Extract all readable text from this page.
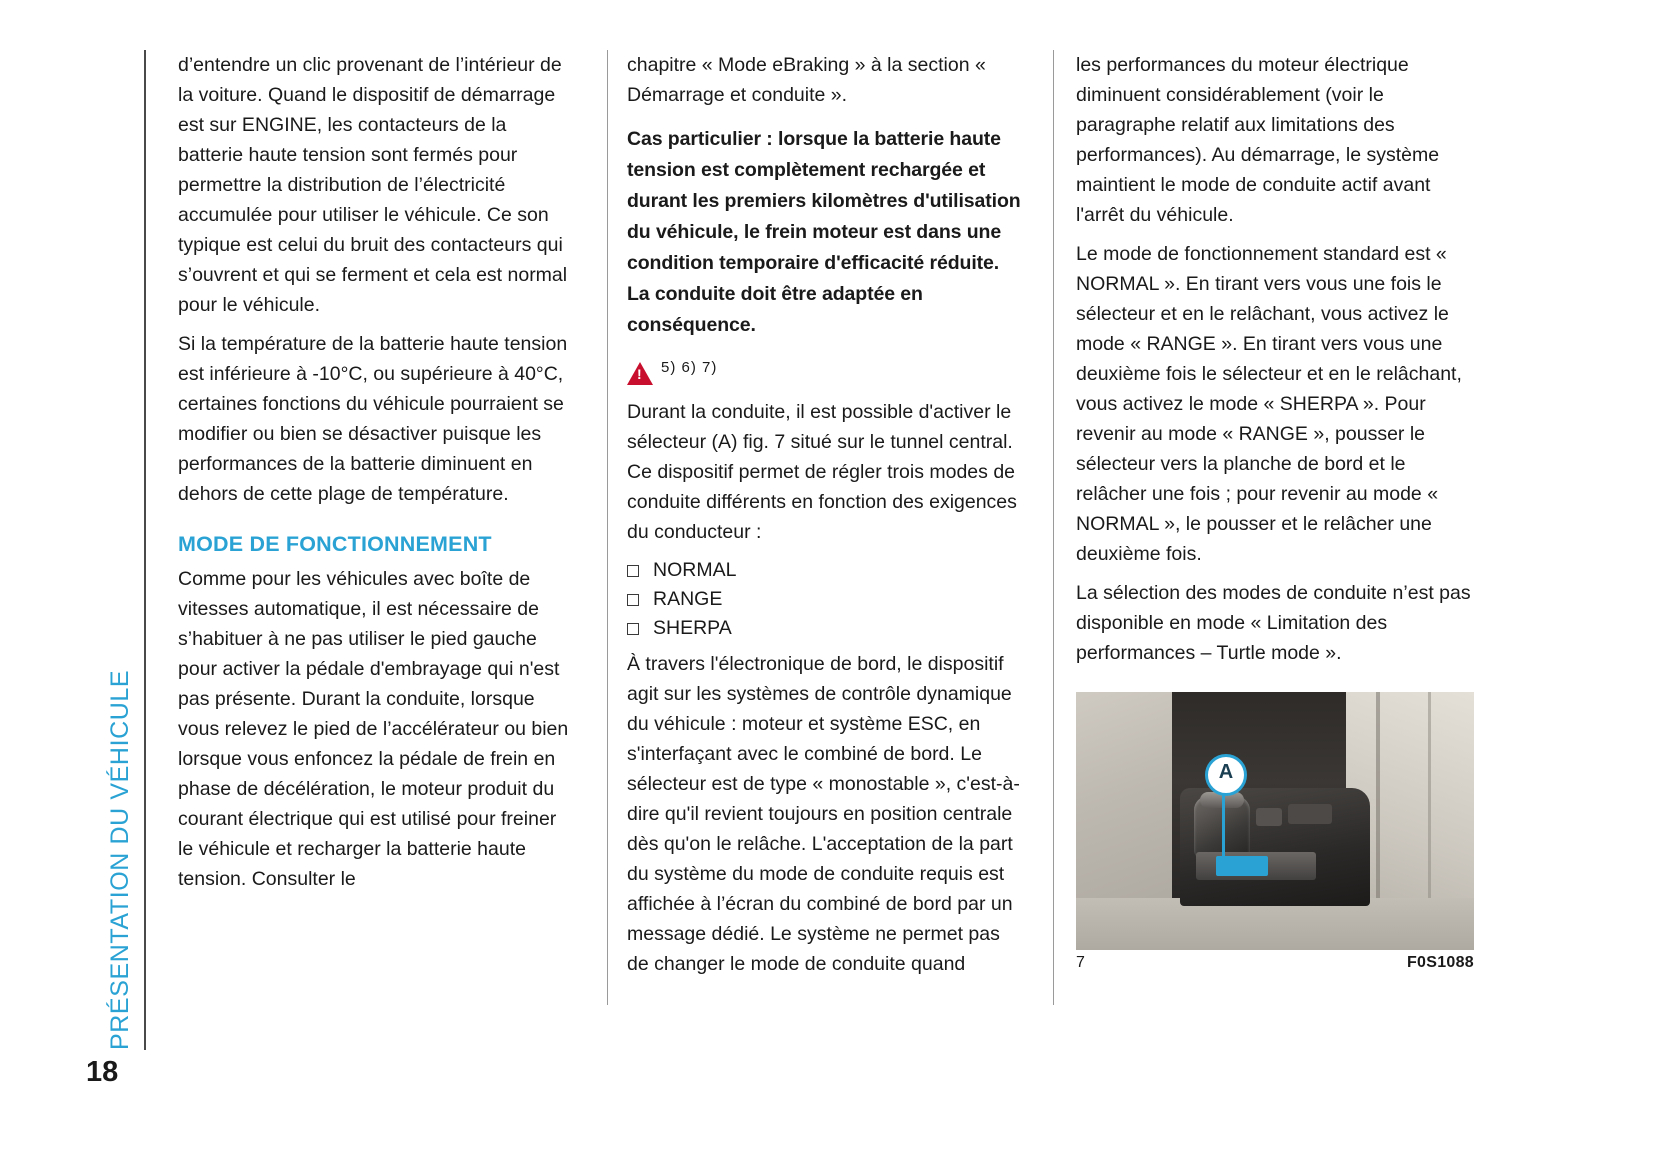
PRÉSENTATION DU VÉHICULE

d’entendre un clic provenant de l’intérieur de la voiture. Quand le dispositif de démarrage est sur ENGINE, les contacteurs de la batterie haute tension sont fermés pour permettre la distribution de l’électricité accumulée pour utiliser le véhicule. Ce son typique est celui du bruit des contacteurs qui s’ouvrent et qui se ferment et cela est normal pour le véhicule.

Si la température de la batterie haute tension est inférieure à -10°C, ou supérieure à 40°C, certaines fonctions du véhicule pourraient se modifier ou bien se désactiver puisque les performances de la batterie diminuent en dehors de cette plage de température.

MODE DE FONCTIONNEMENT

Comme pour les véhicules avec boîte de vitesses automatique, il est nécessaire de s’habituer à ne pas utiliser le pied gauche pour activer la pédale d'embrayage qui n'est pas présente. Durant la conduite, lorsque vous relevez le pied de l’accélérateur ou bien lorsque vous enfoncez la pédale de frein en phase de décélération, le moteur produit du courant électrique qui est utilisé pour freiner le véhicule et recharger la batterie haute tension. Consulter le

chapitre « Mode eBraking » à la section « Démarrage et conduite ».

Cas particulier : lorsque la batterie haute tension est complètement rechargée et durant les premiers kilomètres d'utilisation du véhicule, le frein moteur est dans une condition temporaire d'efficacité réduite. La conduite doit être adaptée en conséquence.

!
5) 6) 7)

Durant la conduite, il est possible d'activer le sélecteur (A) fig. 7 situé sur le tunnel central. Ce dispositif permet de régler trois modes de conduite différents en fonction des exigences du conducteur :

NORMAL
RANGE
SHERPA

À travers l'électronique de bord, le dispositif agit sur les systèmes de contrôle dynamique du véhicule : moteur et système ESC, en s'interfaçant avec le combiné de bord. Le sélecteur est de type « monostable », c'est-à-dire qu'il revient toujours en position centrale dès qu'on le relâche. L'acceptation de la part du système du mode de conduite requis est affichée à l’écran du combiné de bord par un message dédié. Le système ne permet pas de changer le mode de conduite quand

les performances du moteur électrique diminuent considérablement (voir le paragraphe relatif aux limitations des performances). Au démarrage, le système maintient le mode de conduite actif avant l'arrêt du véhicule.

Le mode de fonctionnement standard est « NORMAL ». En tirant vers vous une fois le sélecteur et en le relâchant, vous activez le mode « RANGE ». En tirant vers vous une deuxième fois le sélecteur et en le relâchant, vous activez le mode « SHERPA ». Pour revenir au mode « RANGE », pousser le sélecteur vers la planche de bord et le relâcher une fois ; pour revenir au mode « NORMAL », le pousser et le relâcher une deuxième fois.

La sélection des modes de conduite n’est pas disponible en mode « Limitation des performances – Turtle mode ».

A
7	F0S1088
18
